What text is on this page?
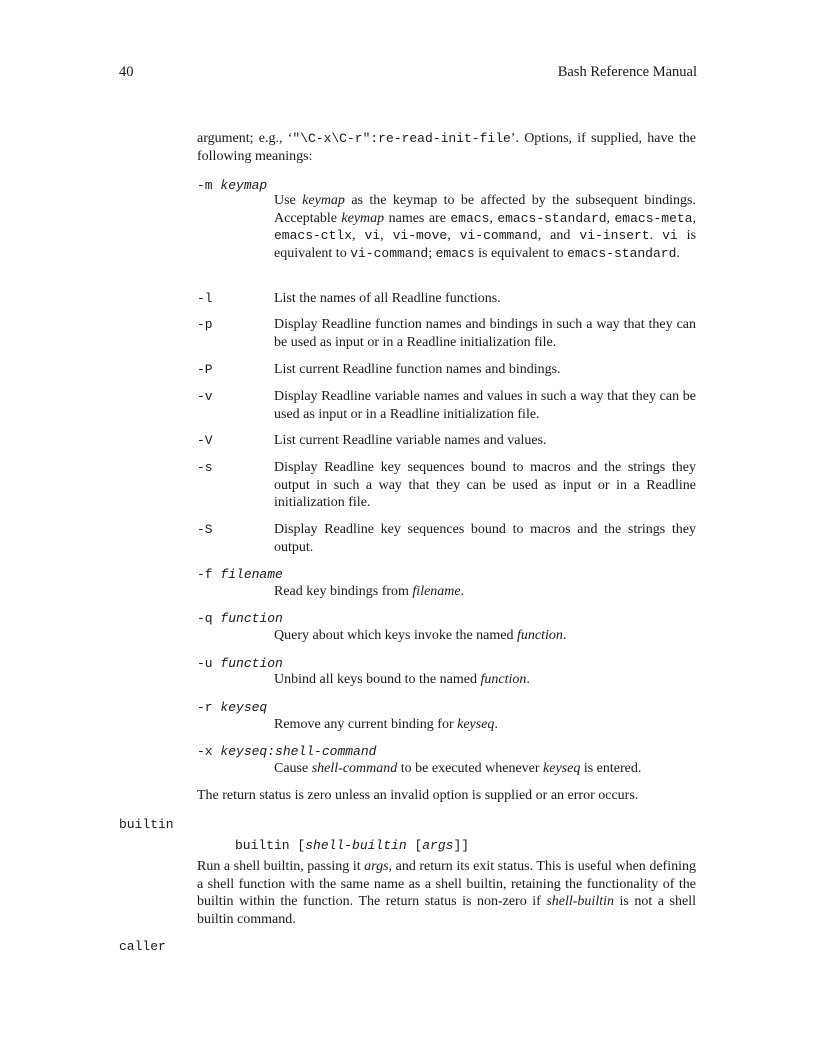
40	Bash Reference Manual
argument; e.g., ‘"\C-x\C-r":re-read-init-file’. Options, if supplied, have the following meanings:
-m keymap
Use keymap as the keymap to be affected by the subsequent bindings. Acceptable keymap names are emacs, emacs-standard, emacs-meta, emacs-ctlx, vi, vi-move, vi-command, and vi-insert. vi is equivalent to vi-command; emacs is equivalent to emacs-standard.
-l	List the names of all Readline functions.
-p	Display Readline function names and bindings in such a way that they can be used as input or in a Readline initialization file.
-P	List current Readline function names and bindings.
-v	Display Readline variable names and values in such a way that they can be used as input or in a Readline initialization file.
-V	List current Readline variable names and values.
-s	Display Readline key sequences bound to macros and the strings they output in such a way that they can be used as input or in a Readline initialization file.
-S	Display Readline key sequences bound to macros and the strings they output.
-f filename
Read key bindings from filename.
-q function
Query about which keys invoke the named function.
-u function
Unbind all keys bound to the named function.
-r keyseq
Remove any current binding for keyseq.
-x keyseq:shell-command
Cause shell-command to be executed whenever keyseq is entered.
The return status is zero unless an invalid option is supplied or an error occurs.
builtin
builtin [shell-builtin [args]]
Run a shell builtin, passing it args, and return its exit status. This is useful when defining a shell function with the same name as a shell builtin, retaining the functionality of the builtin within the function. The return status is non-zero if shell-builtin is not a shell builtin command.
caller
